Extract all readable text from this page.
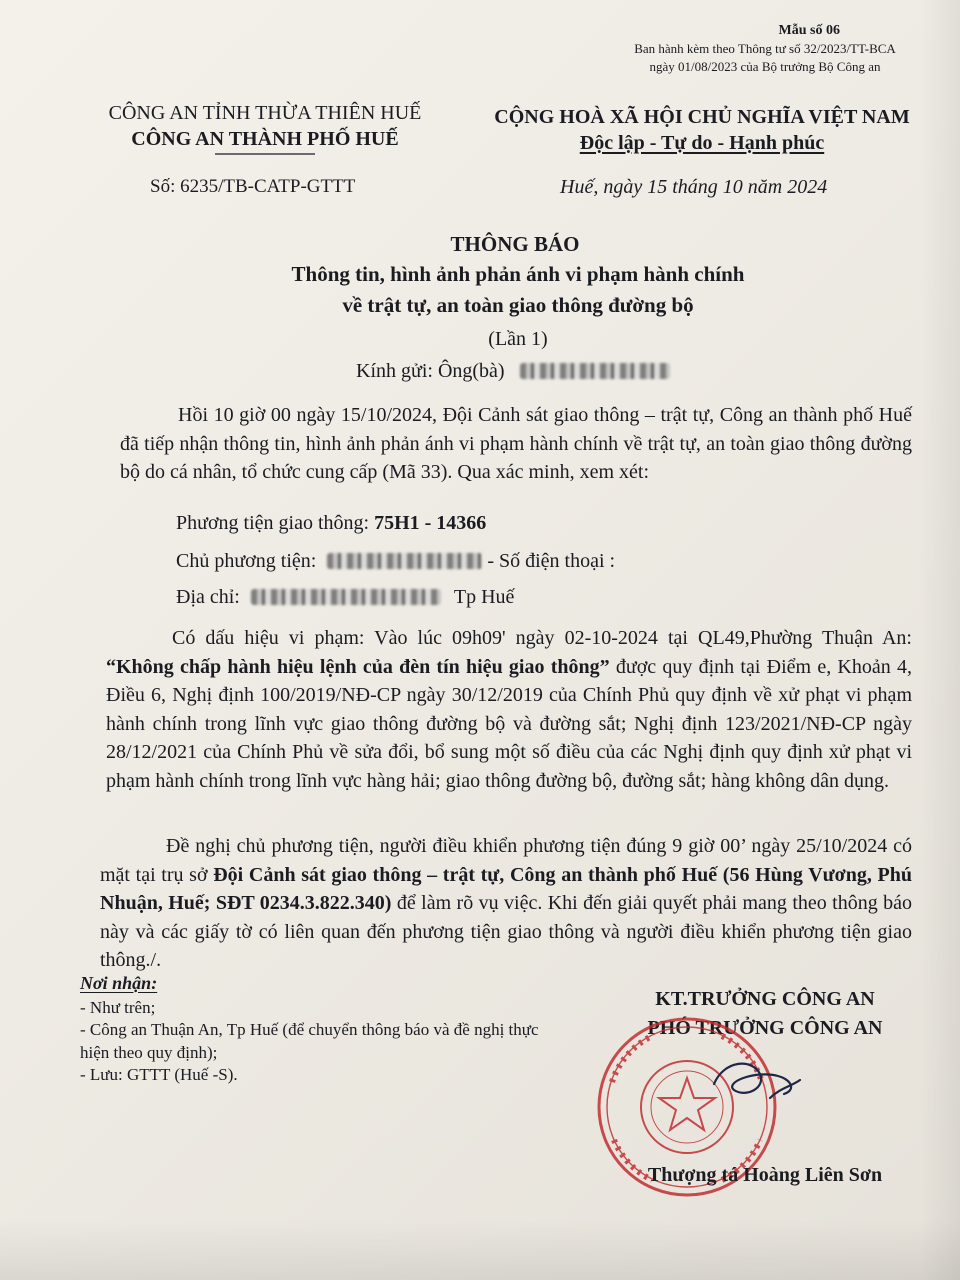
Mẫu số 06
Ban hành kèm theo Thông tư số 32/2023/TT-BCA
ngày 01/08/2023 của Bộ trưởng Bộ Công an
CÔNG AN TỈNH THỪA THIÊN HUẾ
CÔNG AN THÀNH PHỐ HUẾ
Số: 6235/TB-CATP-GTTT
CỘNG HOÀ XÃ HỘI CHỦ NGHĨA VIỆT NAM
Độc lập - Tự do - Hạnh phúc
Huế, ngày 15 tháng 10 năm 2024
THÔNG BÁO
Thông tin, hình ảnh phản ánh vi phạm hành chính
về trật tự, an toàn giao thông đường bộ
(Lần 1)
Kính gửi: Ông(bà)
Hồi 10 giờ 00 ngày 15/10/2024, Đội Cảnh sát giao thông – trật tự, Công an thành phố Huế đã tiếp nhận thông tin, hình ảnh phản ánh vi phạm hành chính về trật tự, an toàn giao thông đường bộ do cá nhân, tổ chức cung cấp (Mã 33). Qua xác minh, xem xét:
Phương tiện giao thông: 75H1 - 14366
Chủ phương tiện:	- Số điện thoại :
Địa chỉ:	Tp Huế
Có dấu hiệu vi phạm: Vào lúc 09h09' ngày 02-10-2024 tại QL49,Phường Thuận An: “Không chấp hành hiệu lệnh của đèn tín hiệu giao thông” được quy định tại Điểm e, Khoản 4, Điều 6, Nghị định 100/2019/NĐ-CP ngày 30/12/2019 của Chính Phủ quy định về xử phạt vi phạm hành chính trong lĩnh vực giao thông đường bộ và đường sắt; Nghị định 123/2021/NĐ-CP ngày 28/12/2021 của Chính Phủ về sửa đổi, bổ sung một số điều của các Nghị định quy định xử phạt vi phạm hành chính trong lĩnh vực hàng hải; giao thông đường bộ, đường sắt; hàng không dân dụng.
Đề nghị chủ phương tiện, người điều khiển phương tiện đúng 9 giờ 00’ ngày 25/10/2024 có mặt tại trụ sở Đội Cảnh sát giao thông – trật tự, Công an thành phố Huế (56 Hùng Vương, Phú Nhuận, Huế; SĐT 0234.3.822.340) để làm rõ vụ việc. Khi đến giải quyết phải mang theo thông báo này và các giấy tờ có liên quan đến phương tiện giao thông và người điều khiển phương tiện giao thông./.
Nơi nhận:
- Như trên;
- Công an Thuận An, Tp Huế (để chuyển thông báo và đề nghị thực hiện theo quy định);
- Lưu: GTTT (Huế -S).
KT.TRƯỞNG CÔNG AN
PHÓ TRƯỞNG CÔNG AN
Thượng tá Hoàng Liên Sơn
